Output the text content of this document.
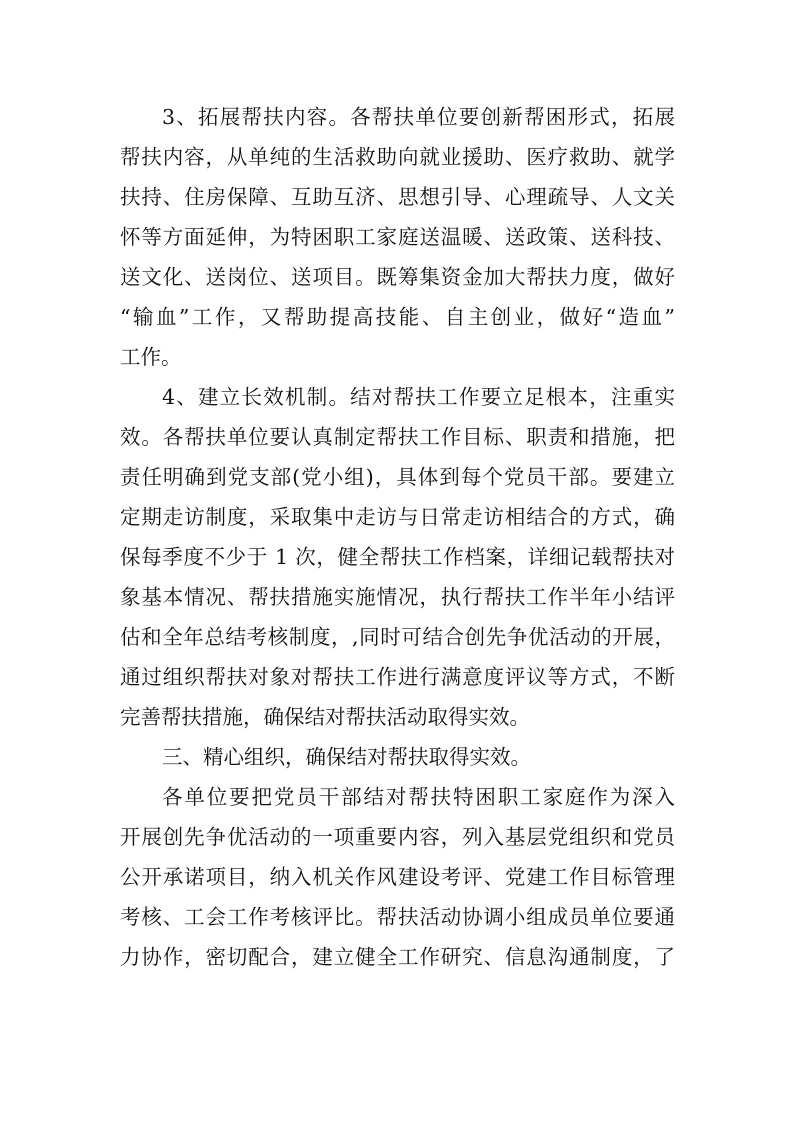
3、拓展帮扶内容。各帮扶单位要创新帮困形式，拓展

帮扶内容，从单纯的生活救助向就业援助、医疗救助、就学

扶持、住房保障、互助互济、思想引导、心理疏导、人文关

怀等方面延伸，为特困职工家庭送温暖、送政策、送科技、

送文化、送岗位、送项目。既筹集资金加大帮扶力度，做好

“输血”工作，又帮助提高技能、自主创业，做好“造血”

工作。

4、建立长效机制。结对帮扶工作要立足根本，注重实

效。各帮扶单位要认真制定帮扶工作目标、职责和措施，把

责任明确到党支部(党小组)，具体到每个党员干部。要建立

定期走访制度，采取集中走访与日常走访相结合的方式，确

保每季度不少于 1 次，健全帮扶工作档案，详细记载帮扶对

象基本情况、帮扶措施实施情况，执行帮扶工作半年小结评

估和全年总结考核制度，,同时可结合创先争优活动的开展，

通过组织帮扶对象对帮扶工作进行满意度评议等方式，不断

完善帮扶措施，确保结对帮扶活动取得实效。

三、精心组织，确保结对帮扶取得实效。

各单位要把党员干部结对帮扶特困职工家庭作为深入

开展创先争优活动的一项重要内容，列入基层党组织和党员

公开承诺项目，纳入机关作风建设考评、党建工作目标管理

考核、工会工作考核评比。帮扶活动协调小组成员单位要通

力协作，密切配合，建立健全工作研究、信息沟通制度，了
